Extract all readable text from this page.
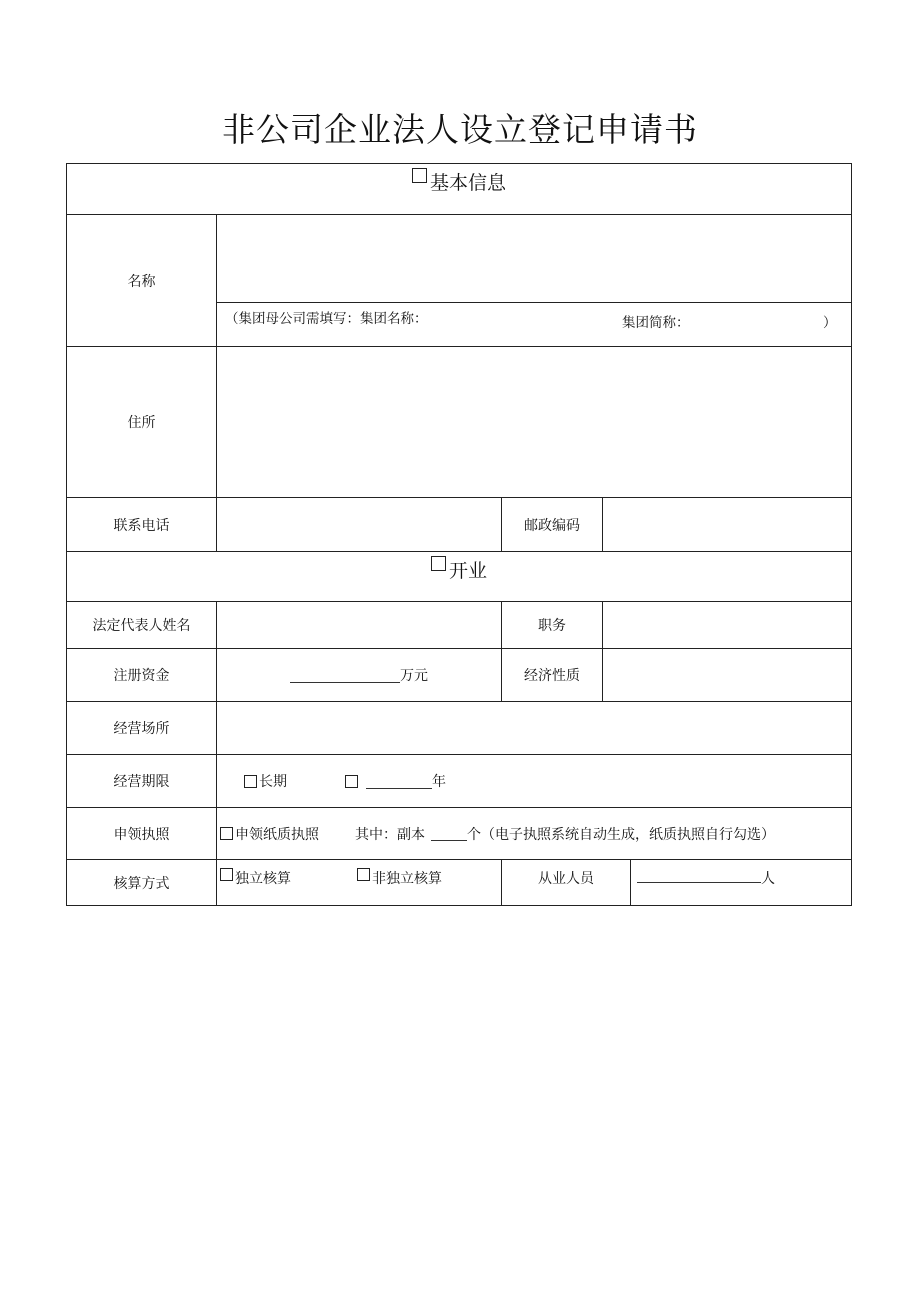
非公司企业法人设立登记申请书
基本信息
名称
（集团母公司需填写：集团名称：	集团简称：	）
住所
联系电话	邮政编码
开业
法定代表人姓名	职务
注册资金	万元	经济性质
经营场所
经营期限	长期	年
申领执照	申领纸质执照	其中：副本	个（电子执照系统自动生成，纸质执照自行勾选）
核算方式	独立核算	非独立核算	从业人员	人
